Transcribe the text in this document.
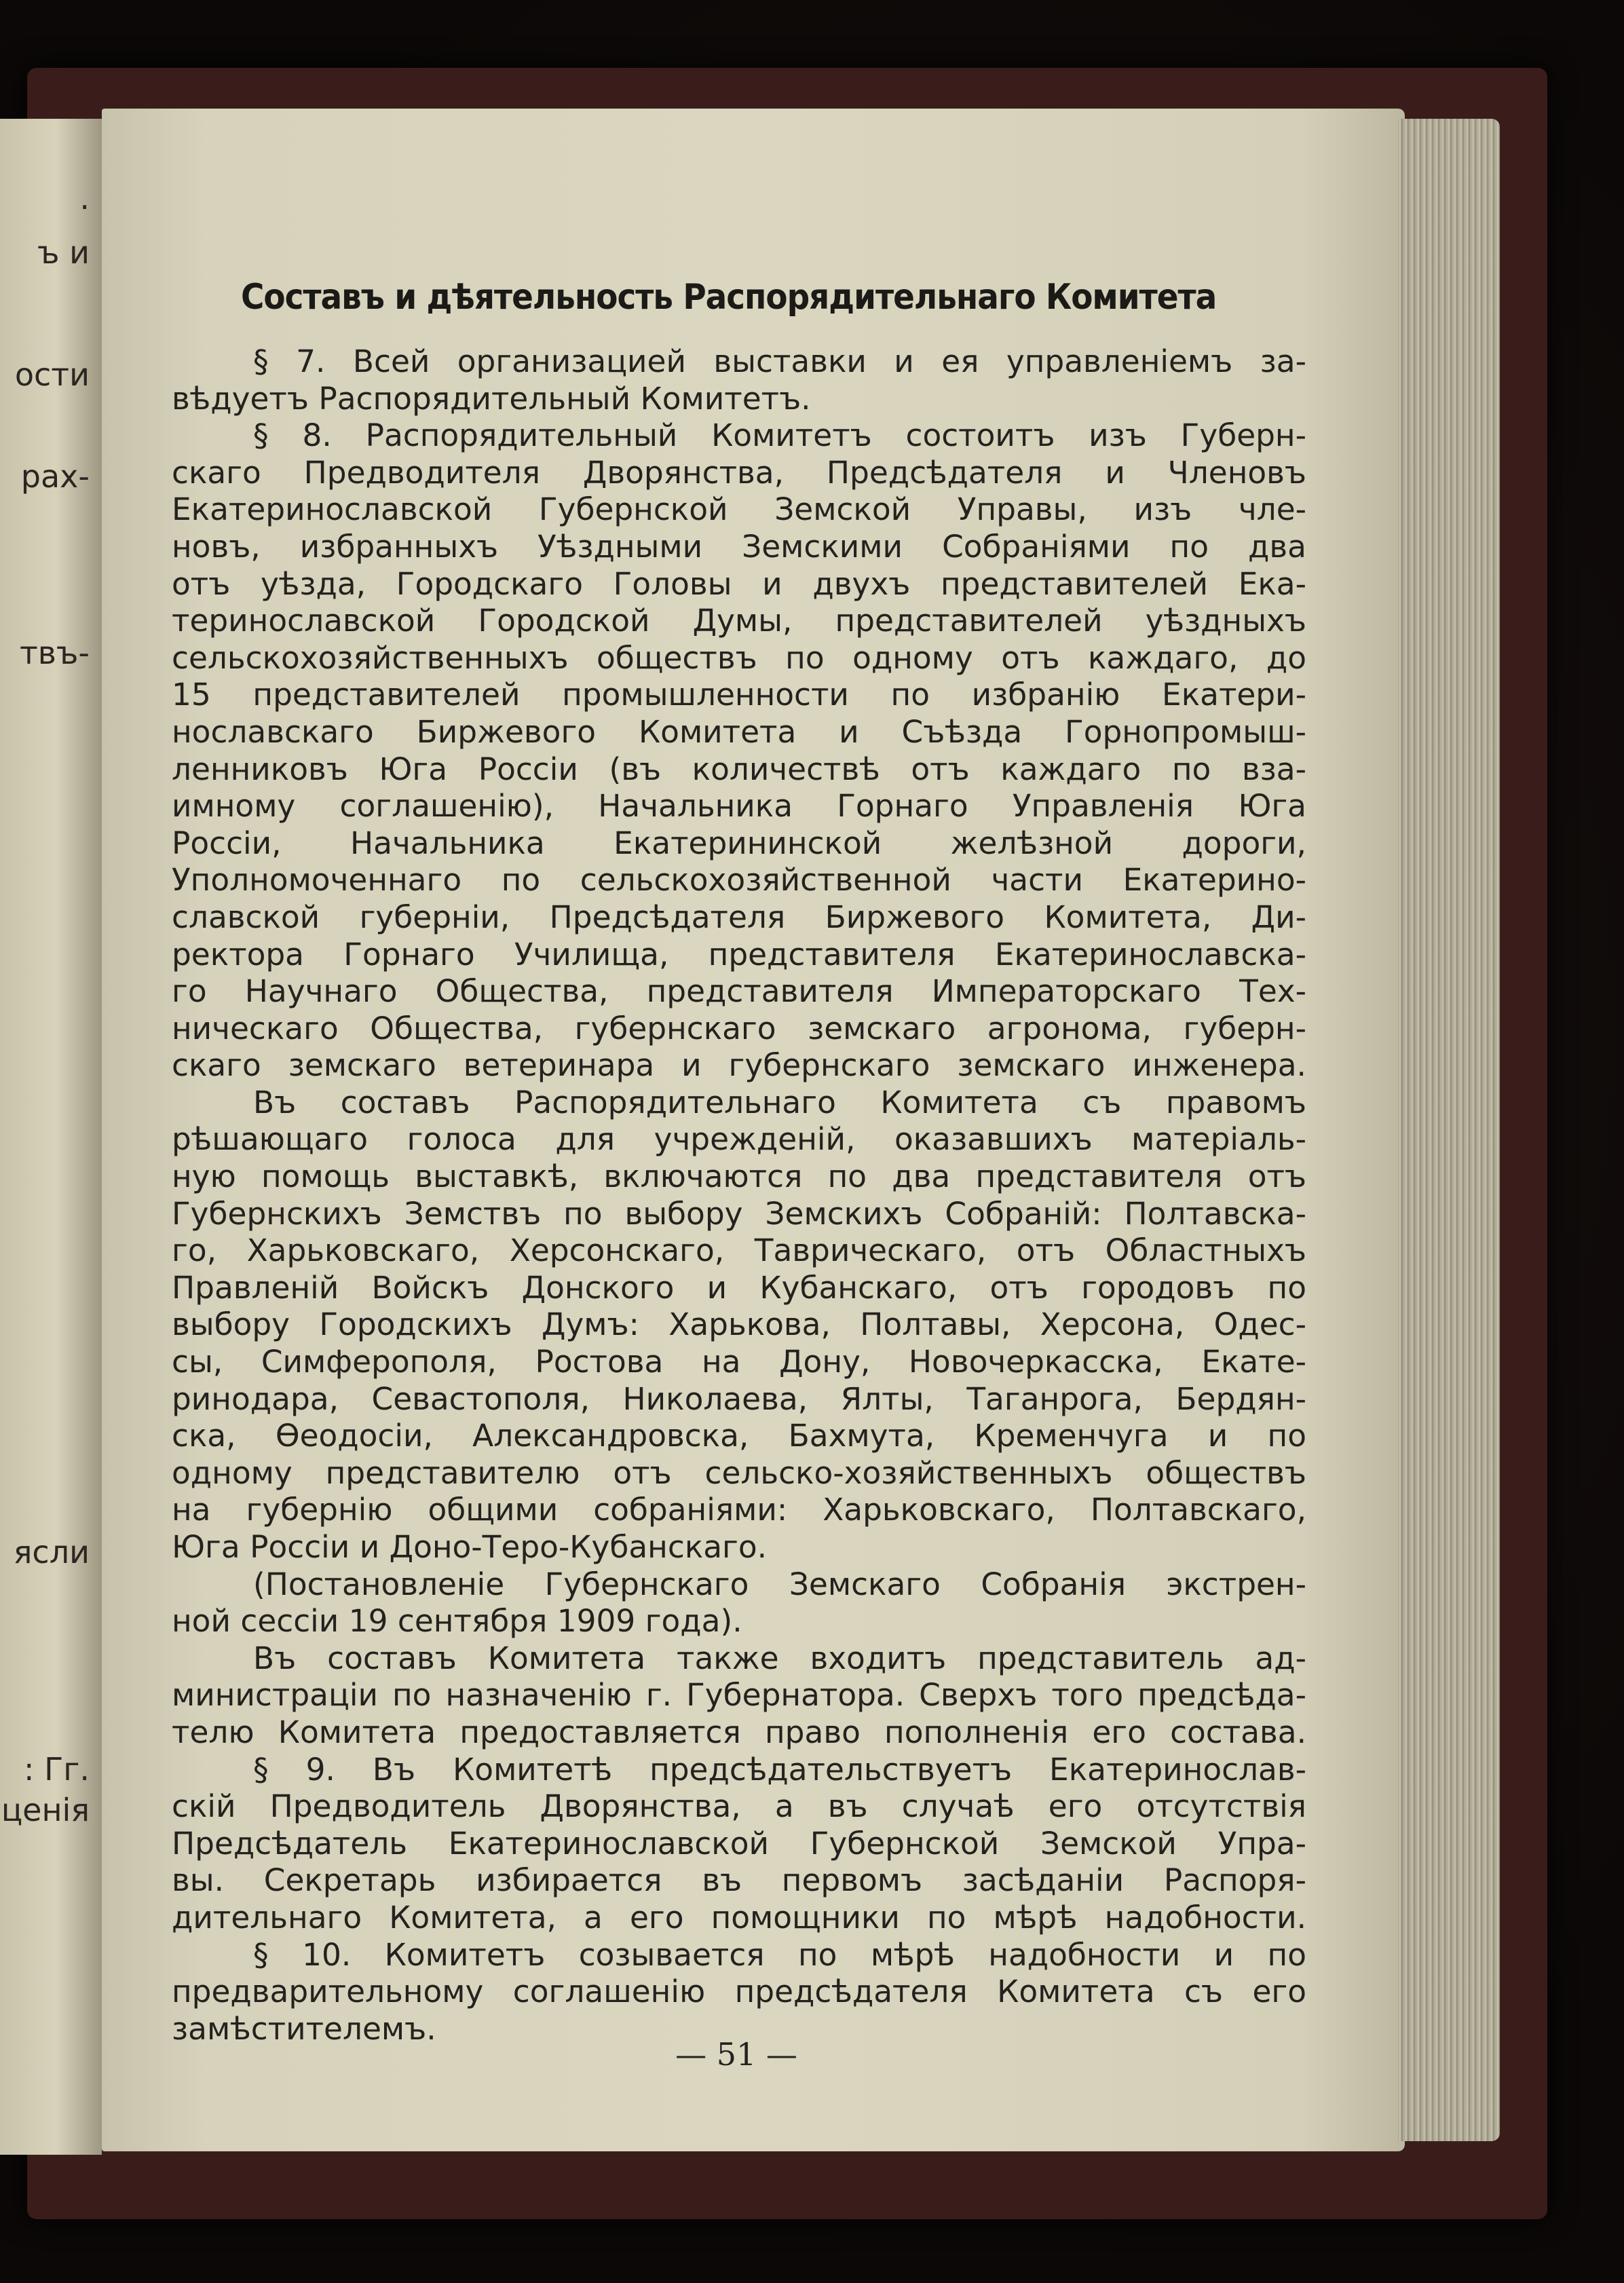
.
ъ и
ости
рах-
твъ-
ясли
: Гг.
ценія
Составъ и дѣятельность Распорядительнаго Комитета
§ 7. Всей организацией выставки и ея управленіемъ за-
вѣдуетъ Распорядительный Комитетъ.
§ 8. Распорядительный Комитетъ состоитъ изъ Губерн-
скаго Предводителя Дворянства, Предсѣдателя и Членовъ
Екатеринославской Губернской Земской Управы, изъ чле-
новъ, избранныхъ Уѣздными Земскими Собраніями по два
отъ уѣзда, Городскаго Головы и двухъ представителей Ека-
теринославской Городской Думы, представителей уѣздныхъ
сельскохозяйственныхъ обществъ по одному отъ каждаго, до
15 представителей промышленности по избранію Екатери-
нославскаго Биржевого Комитета и Съѣзда Горнопромыш-
ленниковъ Юга Россіи (въ количествѣ отъ каждаго по вза-
имному соглашенію), Начальника Горнаго Управленія Юга
Россіи, Начальника Екатерининской желѣзной дороги,
Уполномоченнаго по сельскохозяйственной части Екатерино-
славской губерніи, Предсѣдателя Биржевого Комитета, Ди-
ректора Горнаго Училища, представителя Екатеринославска-
го Научнаго Общества, представителя Императорскаго Тех-
ническаго Общества, губернскаго земскаго агронома, губерн-
скаго земскаго ветеринара и губернскаго земскаго инженера.
Въ составъ Распорядительнаго Комитета съ правомъ
рѣшающаго голоса для учрежденій, оказавшихъ матеріаль-
ную помощь выставкѣ, включаются по два представителя отъ
Губернскихъ Земствъ по выбору Земскихъ Собраній: Полтавска-
го, Харьковскаго, Херсонскаго, Таврическаго, отъ Областныхъ
Правленій Войскъ Донского и Кубанскаго, отъ городовъ по
выбору Городскихъ Думъ: Харькова, Полтавы, Херсона, Одес-
сы, Симферополя, Ростова на Дону, Новочеркасска, Екате-
ринодара, Севастополя, Николаева, Ялты, Таганрога, Бердян-
ска, Ѳеодосіи, Александровска, Бахмута, Кременчуга и по
одному представителю отъ сельско-хозяйственныхъ обществъ
на губернію общими собраніями: Харьковскаго, Полтавскаго,
Юга Россіи и Доно-Теро-Кубанскаго.
(Постановленіе Губернскаго Земскаго Собранія экстрен-
ной сессіи 19 сентября 1909 года).
Въ составъ Комитета также входитъ представитель ад-
министраціи по назначенію г. Губернатора. Сверхъ того предсѣда-
телю Комитета предоставляется право пополненія его состава.
§ 9. Въ Комитетѣ предсѣдательствуетъ Екатеринослав-
скій Предводитель Дворянства, а въ случаѣ его отсутствія
Предсѣдатель Екатеринославской Губернской Земской Упра-
вы. Секретарь избирается въ первомъ засѣданіи Распоря-
дительнаго Комитета, а его помощники по мѣрѣ надобности.
§ 10. Комитетъ созывается по мѣрѣ надобности и по
предварительному соглашенію предсѣдателя Комитета съ его
замѣстителемъ.
— 51 —
